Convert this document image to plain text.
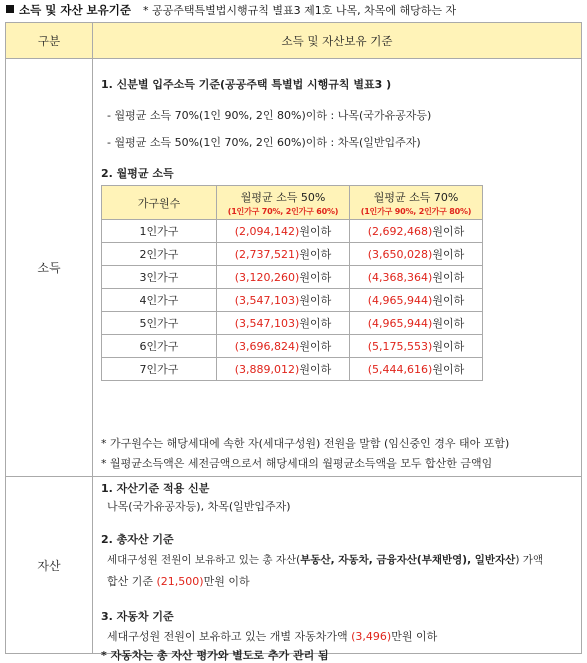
소득 및 자산 보유기준 * 공공주택특별법시행규칙 별표3 제1호 나목, 차목에 해당하는 자
구분	소득 및 자산보유 기준
소득	
1. 신분별 입주소득 기준(공공주택 특별법 시행규칙 별표3 )
- 월평균 소득 70%(1인 90%, 2인 80%)이하 : 나목(국가유공자등)
- 월평균 소득 50%(1인 70%, 2인 60%)이하 : 차목(일반입주자)
2. 월평균 소득
가구원수	월평균 소득 50%
(1인가구 70%, 2인가구 60%)
	월평균 소득 70%
(1인가구 90%, 2인가구 80%)

1인가구	(2,094,142)원이하	(2,692,468)원이하
2인가구	(2,737,521)원이하	(3,650,028)원이하
3인가구	(3,120,260)원이하	(4,368,364)원이하
4인가구	(3,547,103)원이하	(4,965,944)원이하
5인가구	(3,547,103)원이하	(4,965,944)원이하
6인가구	(3,696,824)원이하	(5,175,553)원이하
7인가구	(3,889,012)원이하	(5,444,616)원이하
* 가구원수는 해당세대에 속한 자(세대구성원) 전원을 말함 (임신중인 경우 태아 포함)
* 월평균소득액은 세전금액으로서 해당세대의 월평균소득액을 모두 합산한 금액임

자산	
1. 자산기준 적용 신분
나목(국가유공자등), 차목(일반입주자)
2. 총자산 기준
세대구성원 전원이 보유하고 있는 총 자산(부동산, 자동차, 금융자산(부채반영), 일반자산) 가액
합산 기준 (21,500)만원 이하
3. 자동차 기준
세대구성원 전원이 보유하고 있는 개별 자동차가액 (3,496)만원 이하
* 자동차는 총 자산 평가와 별도로 추가 관리 됨
